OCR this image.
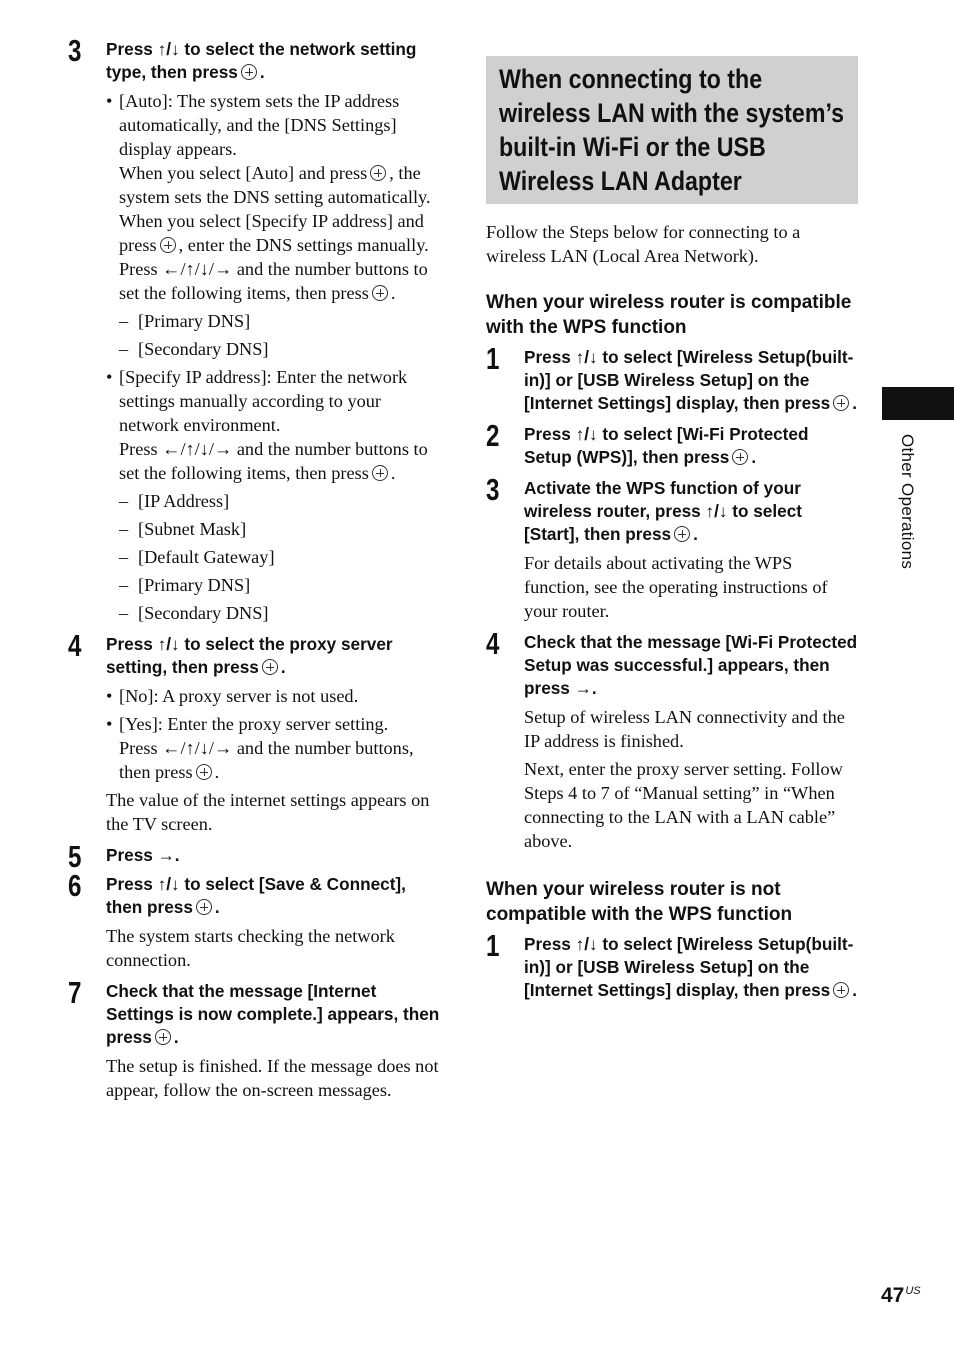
3 Press ↑/↓ to select the network setting type, then press .

• [Auto]: The system sets the IP address automatically, and the [DNS Settings] display appears.
When you select [Auto] and press , the system sets the DNS setting automatically.
When you select [Specify IP address] and press , enter the DNS settings manually.
Press ←/↑/↓/→ and the number buttons to set the following items, then press .
– [Primary DNS]
– [Secondary DNS]
• [Specify IP address]: Enter the network settings manually according to your network environment.
Press ←/↑/↓/→ and the number buttons to set the following items, then press .
– [IP Address]
– [Subnet Mask]
– [Default Gateway]
– [Primary DNS]
– [Secondary DNS]
4 Press ↑/↓ to select the proxy server setting, then press .

• [No]: A proxy server is not used.
• [Yes]: Enter the proxy server setting.
Press ←/↑/↓/→ and the number buttons, then press .
The value of the internet settings appears on the TV screen.
5 Press →.

6 Press ↑/↓ to select [Save & Connect], then press .

The system starts checking the network connection.
7 Check that the message [Internet Settings is now complete.] appears, then press .

The setup is finished. If the message does not appear, follow the on-screen messages.
When connecting to the
wireless LAN with the system’s
built-in Wi-Fi or the USB
Wireless LAN Adapter
Follow the Steps below for connecting to a wireless LAN (Local Area Network).

When your wireless router is compatible with the WPS function

1 Press ↑/↓ to select [Wireless Setup(built-in)] or [USB Wireless Setup] on the [Internet Settings] display, then press .

2 Press ↑/↓ to select [Wi-Fi Protected Setup (WPS)], then press .

3 Activate the WPS function of your wireless router, press ↑/↓ to select [Start], then press .

For details about activating the WPS function, see the operating instructions of your router.
4 Check that the message [Wi-Fi Protected Setup was successful.] appears, then press →.

Setup of wireless LAN connectivity and the IP address is finished.
Next, enter the proxy server setting. Follow Steps 4 to 7 of “Manual setting” in “When connecting to the LAN with a LAN cable” above.

When your wireless router is not compatible with the WPS function

1 Press ↑/↓ to select [Wireless Setup(built-in)] or [USB Wireless Setup] on the [Internet Settings] display, then press .

Other Operations
$47^{US}$
